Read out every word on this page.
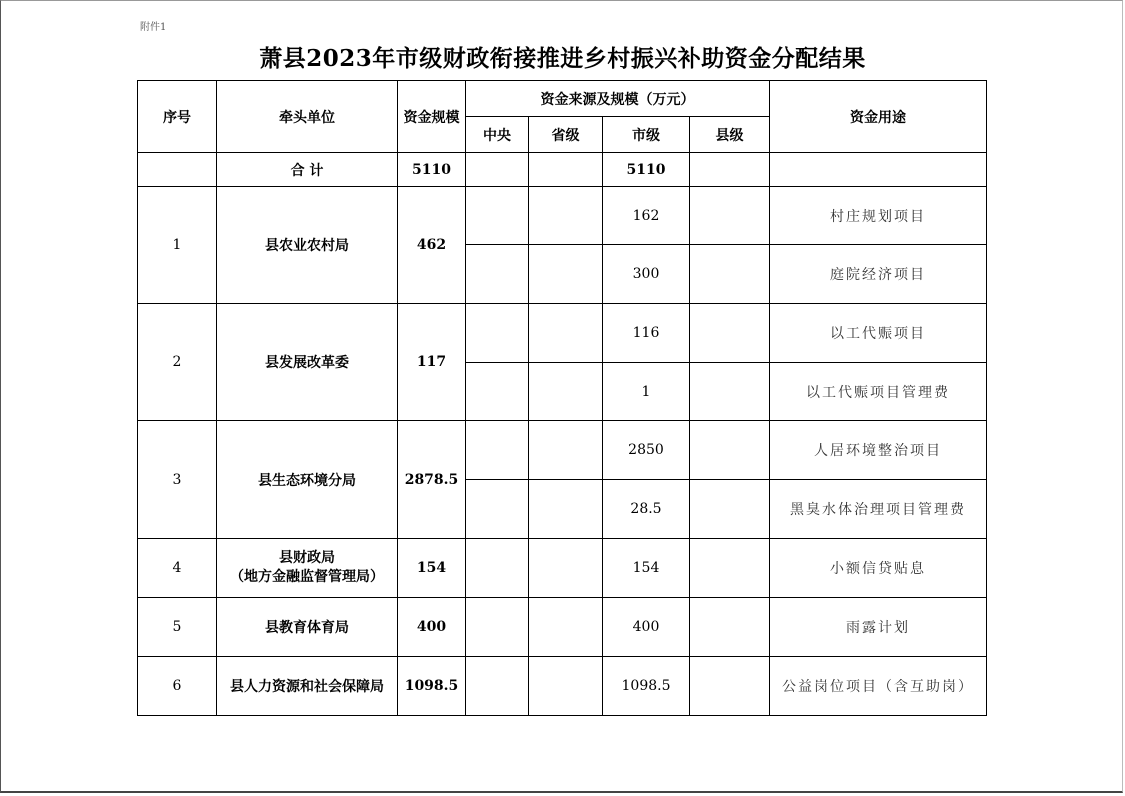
附件1
萧县2023年市级财政衔接推进乡村振兴补助资金分配结果
序号	牵头单位	资金规模	资金来源及规模（万元）				资金用途
			中央	省级	市级	县级	
	合 计	5110			5110		
1	县农业农村局	462			162		村庄规划项目
					300		庭院经济项目
2	县发展改革委	117			116		以工代赈项目
					1		以工代赈项目管理费
3	县生态环境分局	2878.5			2850		人居环境整治项目
					28.5		黑臭水体治理项目管理费
4	县财政局
（地方金融监督管理局）	154			154		小额信贷贴息
5	县教育体育局	400			400		雨露计划
6	县人力资源和社会保障局	1098.5			1098.5		公益岗位项目（含互助岗）
